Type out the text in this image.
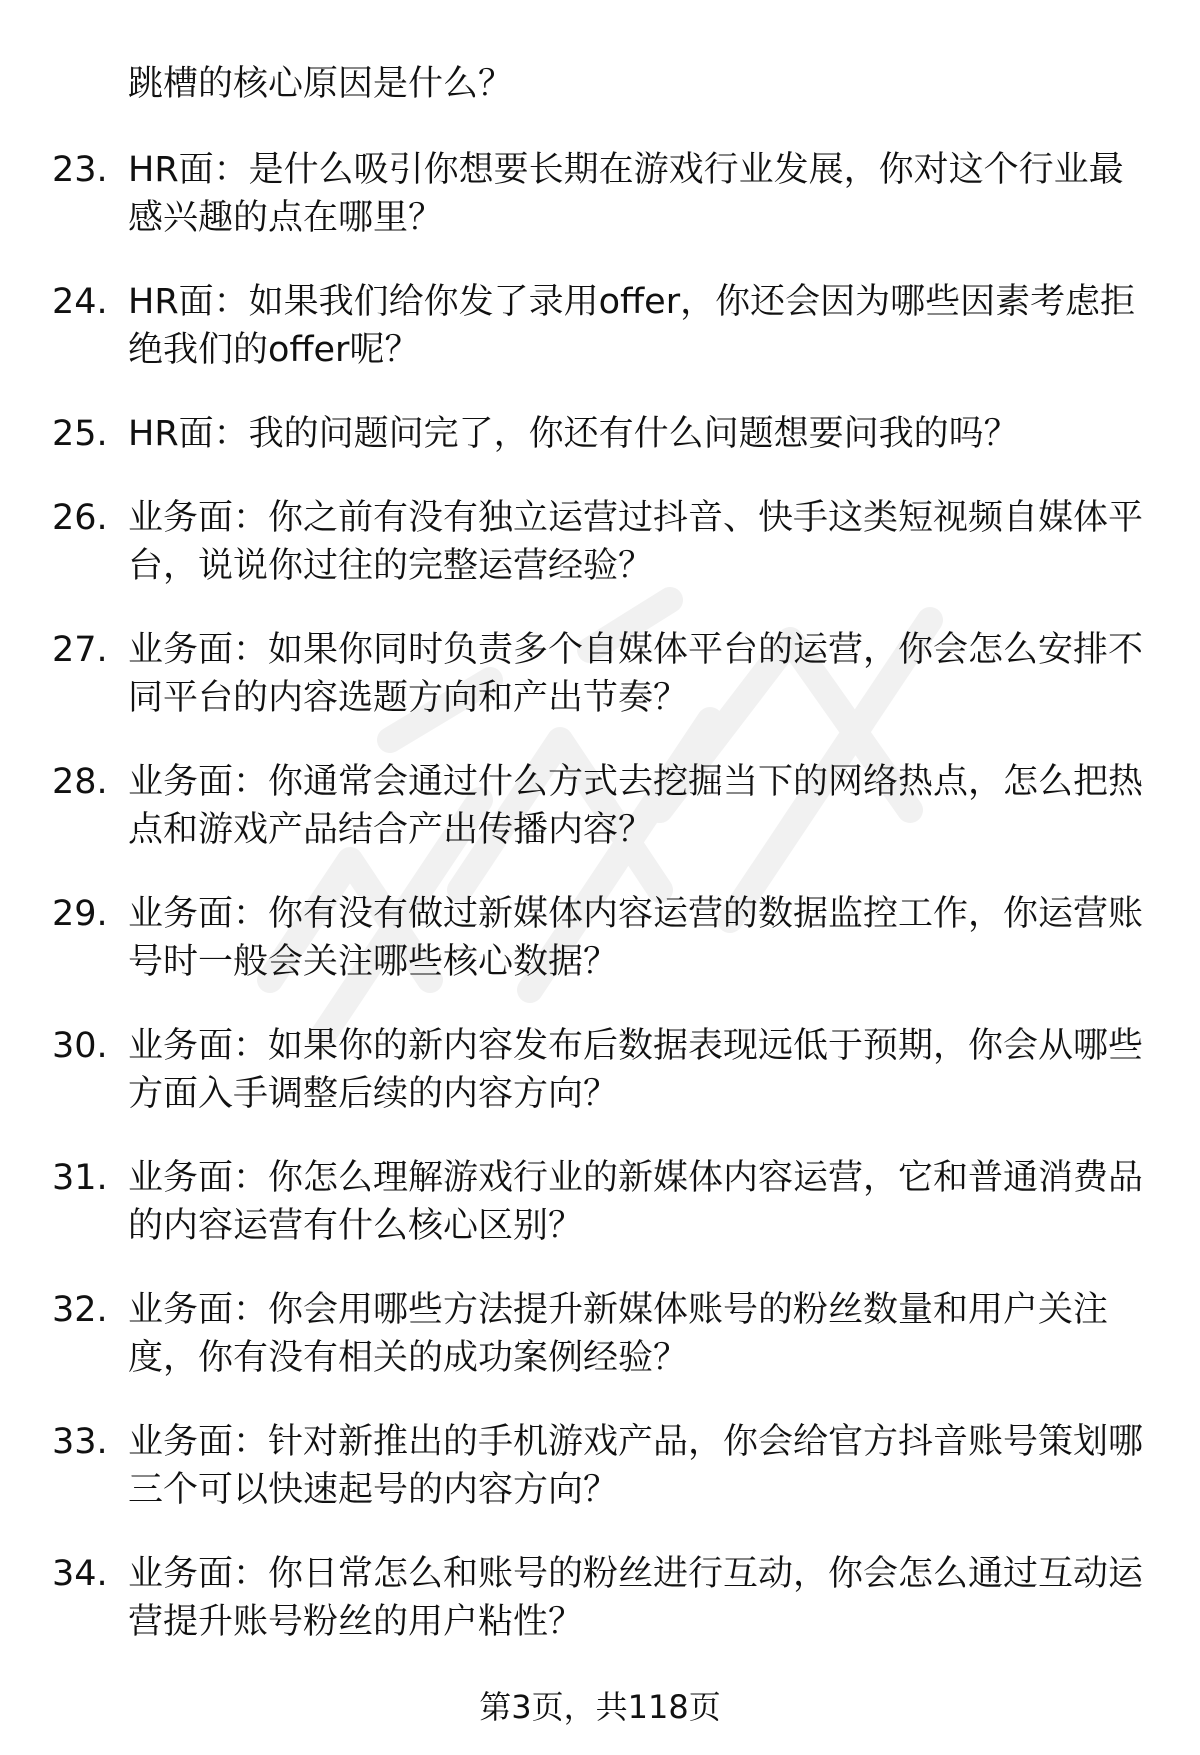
跳槽的核心原因是什么？
23. HR面：是什么吸引你想要长期在游戏行业发展，你对这个行业最感兴趣的点在哪里？
24. HR面：如果我们给你发了录用offer，你还会因为哪些因素考虑拒绝我们的offer呢？
25. HR面：我的问题问完了，你还有什么问题想要问我的吗？
26. 业务面：你之前有没有独立运营过抖音、快手这类短视频自媒体平台，说说你过往的完整运营经验？
27. 业务面：如果你同时负责多个自媒体平台的运营，你会怎么安排不同平台的内容选题方向和产出节奏？
28. 业务面：你通常会通过什么方式去挖掘当下的网络热点，怎么把热点和游戏产品结合产出传播内容？
29. 业务面：你有没有做过新媒体内容运营的数据监控工作，你运营账号时一般会关注哪些核心数据？
30. 业务面：如果你的新内容发布后数据表现远低于预期，你会从哪些方面入手调整后续的内容方向？
31. 业务面：你怎么理解游戏行业的新媒体内容运营，它和普通消费品的内容运营有什么核心区别？
32. 业务面：你会用哪些方法提升新媒体账号的粉丝数量和用户关注度，你有没有相关的成功案例经验？
33. 业务面：针对新推出的手机游戏产品，你会给官方抖音账号策划哪三个可以快速起号的内容方向？
34. 业务面：你日常怎么和账号的粉丝进行互动，你会怎么通过互动运营提升账号粉丝的用户粘性？
第3页，共118页
